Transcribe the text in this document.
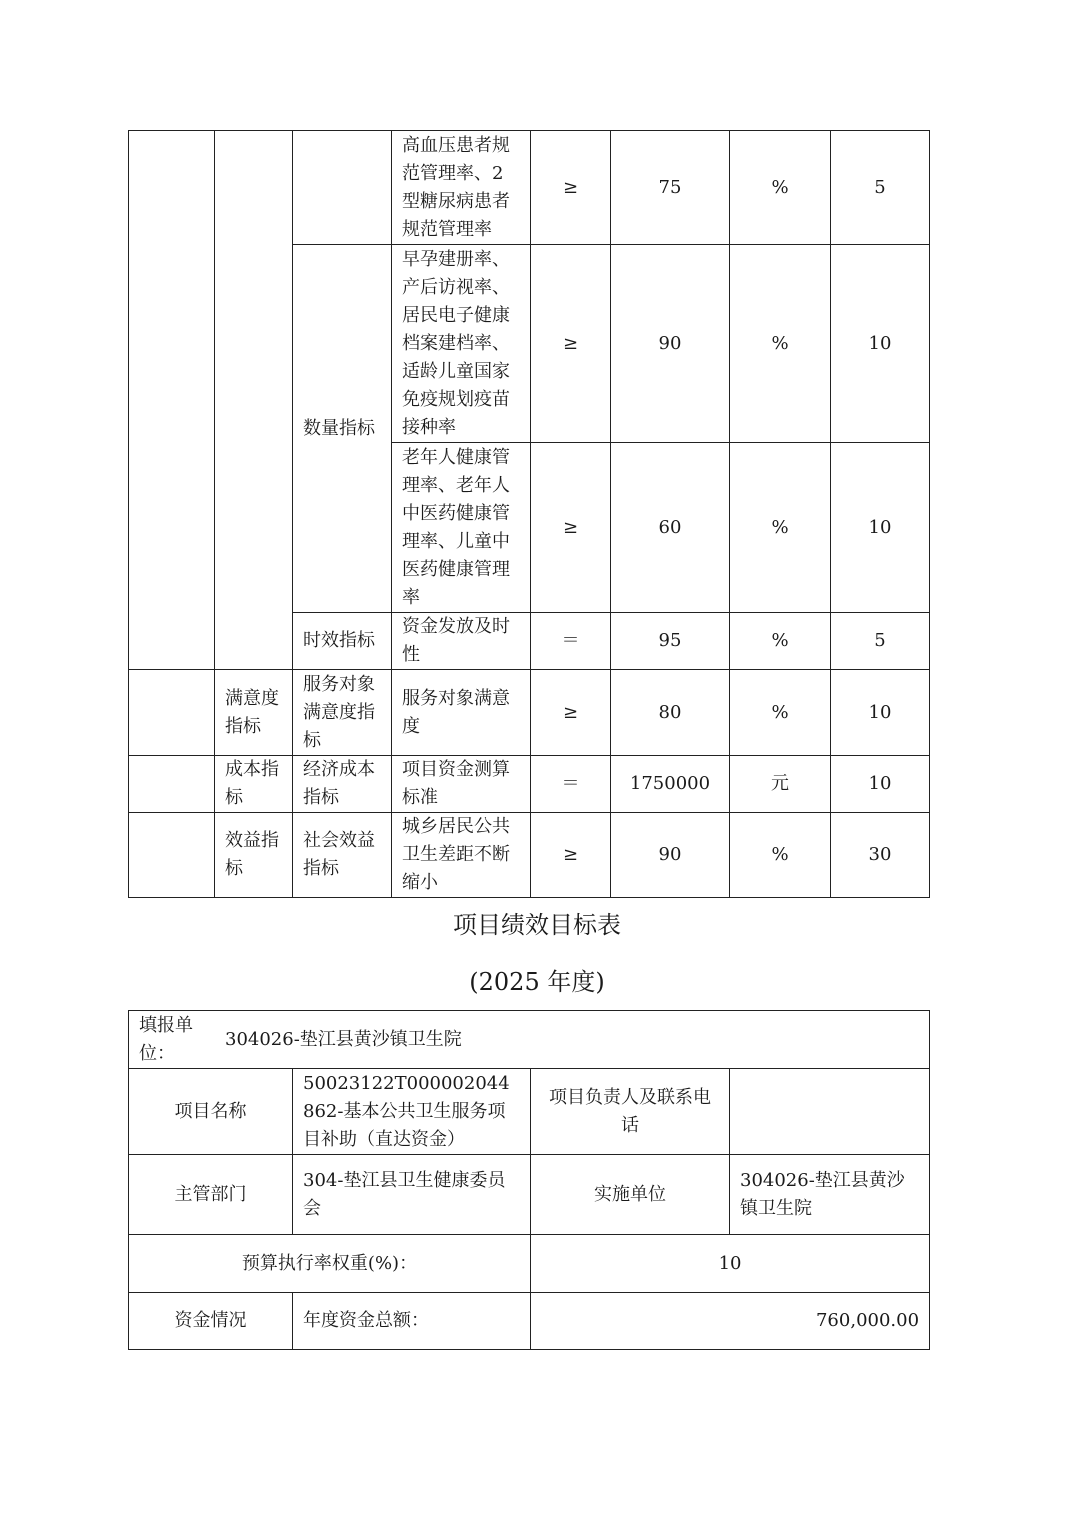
			高血压患者规范管理率、2型糖尿病患者规范管理率	≥	75	%	5
		数量指标	早孕建册率、产后访视率、居民电子健康档案建档率、适龄儿童国家免疫规划疫苗接种率	≥	90	%	10
			老年人健康管理率、老年人中医药健康管理率、儿童中医药健康管理率	≥	60	%	10
		时效指标	资金发放及时性	＝	95	%	5
	满意度指标	服务对象满意度指标	服务对象满意度	≥	80	%	10
	成本指标	经济成本指标	项目资金测算标准	＝	1750000	元	10
	效益指标	社会效益指标	城乡居民公共卫生差距不断缩小	≥	90	%	30
项目绩效目标表
(2025 年度)
填报单位：
304026-垫江县黄沙镇卫生院			

项目名称	50023122T000002044862-基本公共卫生服务项目补助（直达资金）	项目负责人及联系电话	
主管部门	304-垫江县卫生健康委员会	实施单位	304026-垫江县黄沙镇卫生院
预算执行率权重(%)：		10	
资金情况	年度资金总额：	760,000.00	
